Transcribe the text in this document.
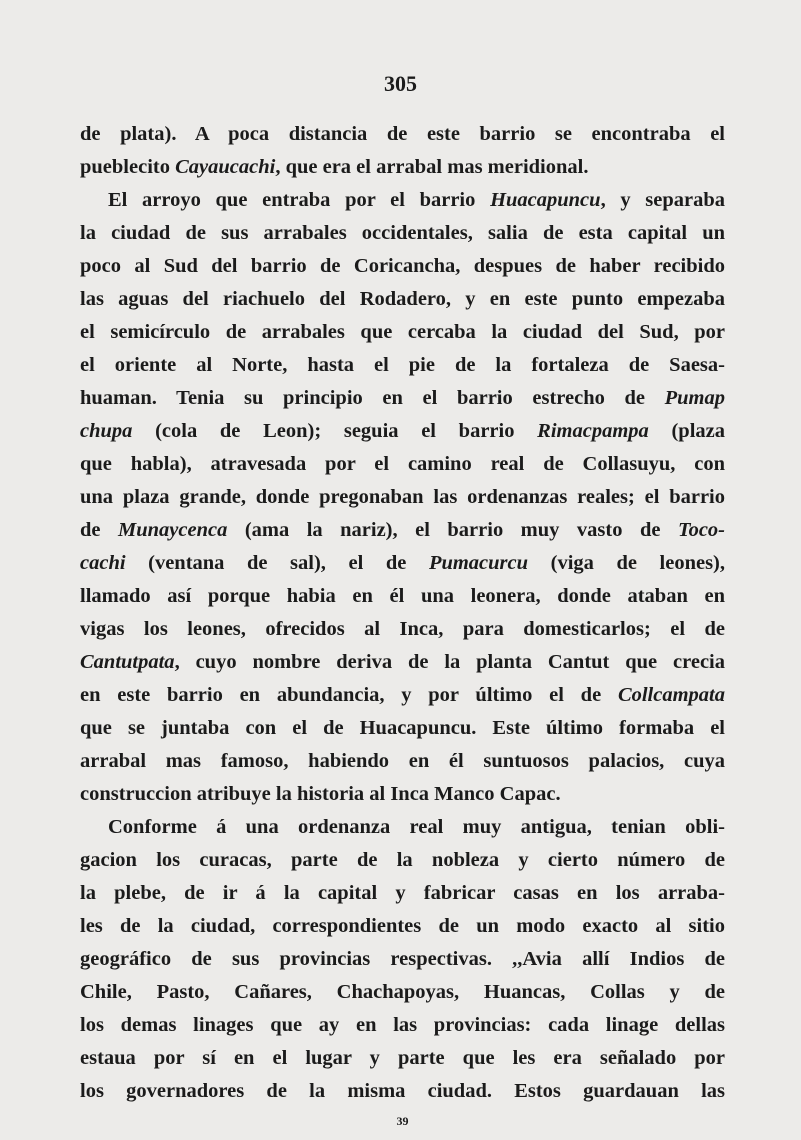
305
de plata). A poca distancia de este barrio se encontraba el
pueblecito Cayaucachi, que era el arrabal mas meridional.
El arroyo que entraba por el barrio Huacapuncu, y separaba
la ciudad de sus arrabales occidentales, salia de esta capital un
poco al Sud del barrio de Coricancha, despues de haber recibido
las aguas del riachuelo del Rodadero, y en este punto empezaba
el semicírculo de arrabales que cercaba la ciudad del Sud, por
el oriente al Norte, hasta el pie de la fortaleza de Saesa-
huaman. Tenia su principio en el barrio estrecho de Pumap
chupa (cola de Leon); seguia el barrio Rimacpampa (plaza
que habla), atravesada por el camino real de Collasuyu, con
una plaza grande, donde pregonaban las ordenanzas reales; el barrio
de Munaycenca (ama la nariz), el barrio muy vasto de Toco-
cachi (ventana de sal), el de Pumacurcu (viga de leones),
llamado así porque habia en él una leonera, donde ataban en
vigas los leones, ofrecidos al Inca, para domesticarlos; el de
Cantutpata, cuyo nombre deriva de la planta Cantut que crecia
en este barrio en abundancia, y por último el de Collcampata
que se juntaba con el de Huacapuncu. Este último formaba el
arrabal mas famoso, habiendo en él suntuosos palacios, cuya
construccion atribuye la historia al Inca Manco Capac.
Conforme á una ordenanza real muy antigua, tenian obli-
gacion los curacas, parte de la nobleza y cierto número de
la plebe, de ir á la capital y fabricar casas en los arraba-
les de la ciudad, correspondientes de un modo exacto al sitio
geográfico de sus provincias respectivas. ,,Avia allí Indios de
Chile, Pasto, Cañares, Chachapoyas, Huancas, Collas y de
los demas linages que ay en las provincias: cada linage dellas
estaua por sí en el lugar y parte que les era señalado por
los governadores de la misma ciudad. Estos guardauan las
39
